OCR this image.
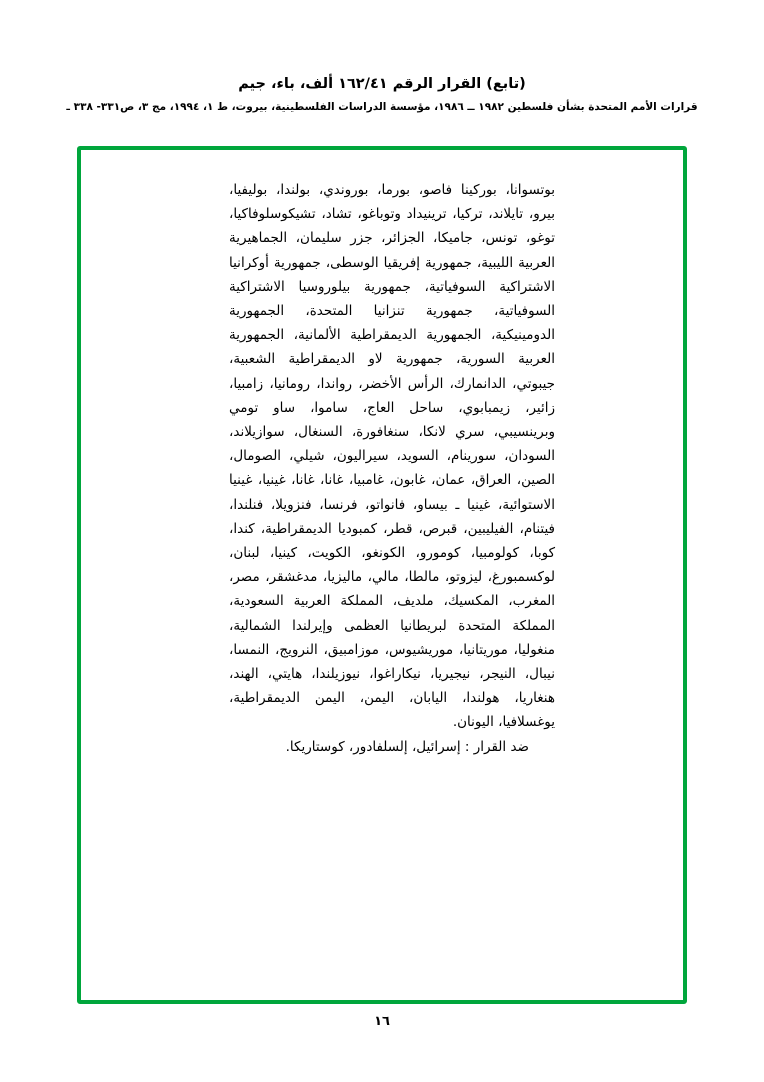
(تابع) القرار الرقم ١٦٢/٤١ ألف، باء، جيم
قرارات الأمم المتحدة بشأن فلسطين ١٩٨٢ ــ ١٩٨٦، مؤسسة الدراسات الفلسطينية، بيروت، ط ١، ١٩٩٤، مج ٣، ص٣٣١- ٣٣٨ ـ

بوتسوانا، بوركينا فاصو، بورما، بوروندي، بولندا، بوليفيا، بيرو، تايلاند، تركيا، ترينيداد وتوباغو، تشاد، تشيكوسلوفاكيا، توغو، تونس، جامیکا، الجزائر، جزر سليمان، الجماهيرية العربية الليبية، جمهورية إفريقيا الوسطى، جمهورية أوكرانيا الاشتراكية السوفياتية، جمهورية بيلوروسيا الاشتراكية السوفياتية، جمهورية تنزانيا المتحدة، الجمهورية الدومينيكية، الجمهورية الديمقراطية الألمانية، الجمهورية العربية السورية، جمهورية لاو الديمقراطية الشعبية، جيبوتي، الدانمارك، الرأس الأخضر، رواندا، رومانيا، زامبيا، زائير، زيمبابوي، ساحل العاج، ساموا، ساو تومي وبرينسيبي، سري لانكا، سنغافورة، السنغال، سوازيلاند، السودان، سورينام، السويد، سيراليون، شيلي، الصومال، الصين، العراق، عمان، غابون، غامبيا، غانا، غانا، غينيا، غينيا الاستوائية، غينيا ـ بيساو، فانواتو، فرنسا، فنزويلا، فنلندا، فيتنام، الفيليبين، قبرص، قطر، كمبوديا الديمقراطية، كندا، كوبا، كولومبيا، كومورو، الكونغو، الكويت، كينيا، لبنان، لوكسمبورغ، ليزوتو، مالطا، مالي، ماليزيا، مدغشقر، مصر، المغرب، المكسيك، ملديف، المملكة العربية السعودية، المملكة المتحدة لبريطانيا العظمى وإيرلندا الشمالية، منغوليا، موريتانيا، موريشيوس، موزامبيق، النرويج، النمسا، نيبال، النيجر، نيجيريا، نيكاراغوا، نيوزيلندا، هايتي، الهند، هنغاريا، هولندا، اليابان، اليمن، اليمن الديمقراطية، يوغسلافيا، اليونان.

ضد القرار : إسرائيل، إلسلفادور، كوستاريكا.

١٦
